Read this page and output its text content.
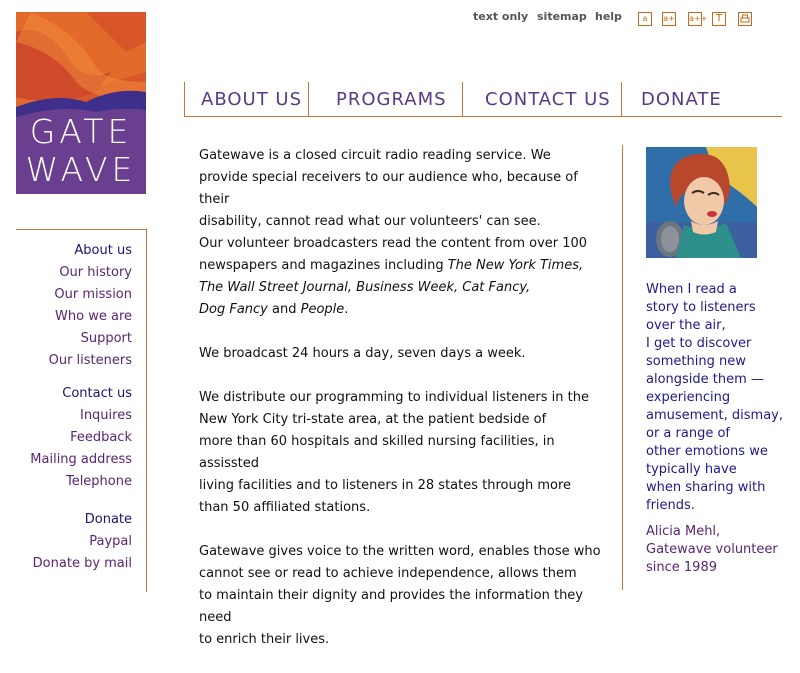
GATE
WAVE
text only sitemap help	a	a+ a++ T
ABOUT US PROGRAMS CONTACT US DONATE
About us
Our history
Our mission
Who we are
Support
Our listeners
Contact us
Inquires
Feedback
Mailing address
Telephone
Donate
Paypal
Donate by mail

Gatewave is a closed circuit radio reading service. We
provide special receivers to our audience who, because of their
disability, cannot read what our volunteers' can see.
Our volunteer broadcasters read the content from over 100
newspapers and magazines including The New York Times,
The Wall Street Journal, Business Week, Cat Fancy,
Dog Fancy and People.

We broadcast 24 hours a day, seven days a week.

We distribute our programming to individual listeners in the
New York City tri-state area, at the patient bedside of
more than 60 hospitals and skilled nursing facilities, in assissted
living facilities and to listeners in 28 states through more
than 50 affiliated stations.

Gatewave gives voice to the written word, enables those who
cannot see or read to achieve independence, allows them
to maintain their dignity and provides the information they need
to enrich their lives.

When I read a
story to listeners
over the air,
I get to discover
something new
alongside them —
experiencing
amusement, dismay,
or a range of
other emotions we
typically have
when sharing with
friends.
Alicia Mehl,
Gatewave volunteer
since 1989
